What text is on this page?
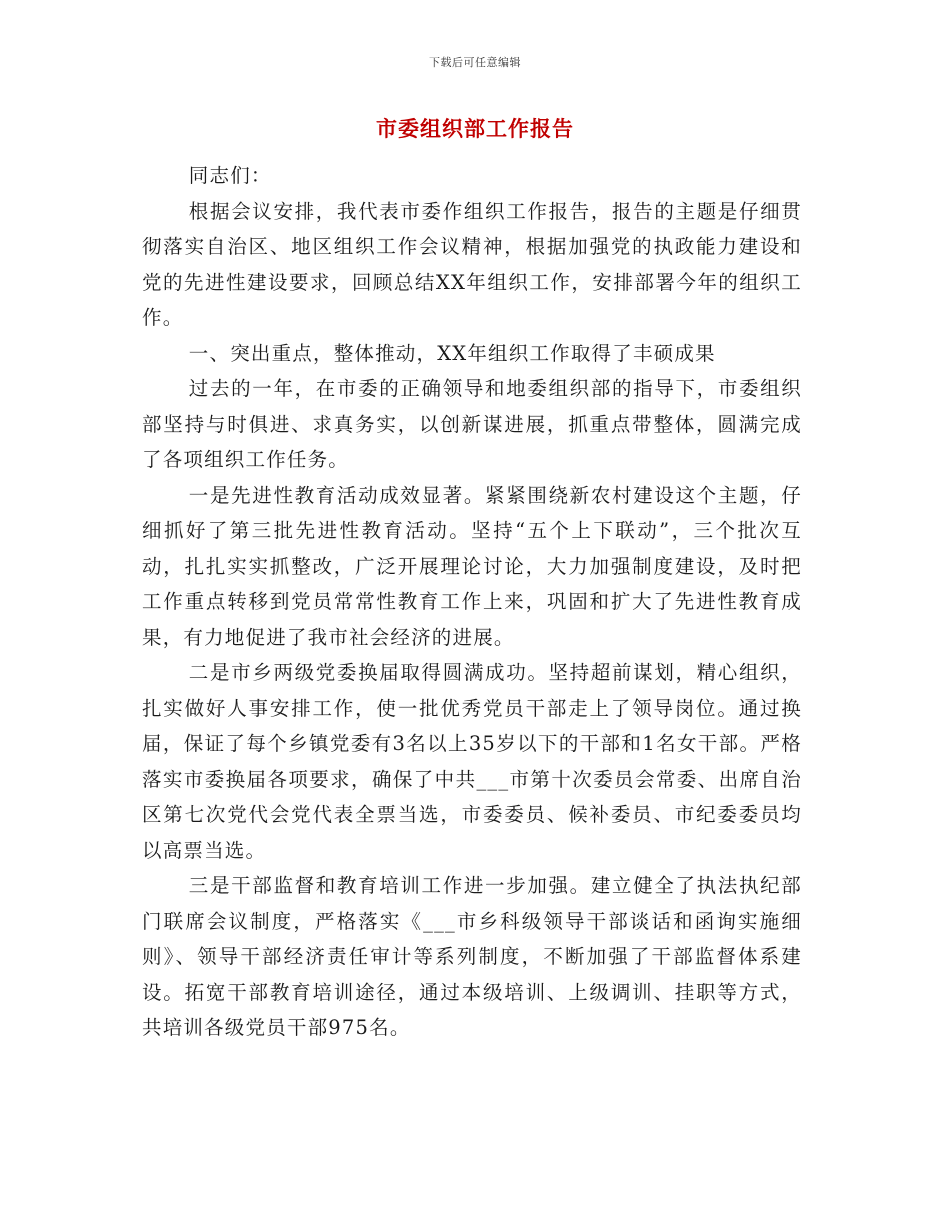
下载后可任意编辑
市委组织部工作报告

同志们：

根据会议安排，我代表市委作组织工作报告，报告的主题是仔细贯彻落实自治区、地区组织工作会议精神，根据加强党的执政能力建设和党的先进性建设要求，回顾总结XX年组织工作，安排部署今年的组织工作。

一、突出重点，整体推动，XX年组织工作取得了丰硕成果

过去的一年，在市委的正确领导和地委组织部的指导下，市委组织部坚持与时俱进、求真务实，以创新谋进展，抓重点带整体，圆满完成了各项组织工作任务。

一是先进性教育活动成效显著。紧紧围绕新农村建设这个主题，仔细抓好了第三批先进性教育活动。坚持“五个上下联动”，三个批次互动，扎扎实实抓整改，广泛开展理论讨论，大力加强制度建设，及时把工作重点转移到党员常常性教育工作上来，巩固和扩大了先进性教育成果，有力地促进了我市社会经济的进展。

二是市乡两级党委换届取得圆满成功。坚持超前谋划，精心组织，扎实做好人事安排工作，使一批优秀党员干部走上了领导岗位。通过换届，保证了每个乡镇党委有3名以上35岁以下的干部和1名女干部。严格落实市委换届各项要求，确保了中共___市第十次委员会常委、出席自治区第七次党代会党代表全票当选，市委委员、候补委员、市纪委委员均以高票当选。

三是干部监督和教育培训工作进一步加强。建立健全了执法执纪部门联席会议制度，严格落实《___市乡科级领导干部谈话和函询实施细则》、领导干部经济责任审计等系列制度，不断加强了干部监督体系建设。拓宽干部教育培训途径，通过本级培训、上级调训、挂职等方式，共培训各级党员干部975名。
